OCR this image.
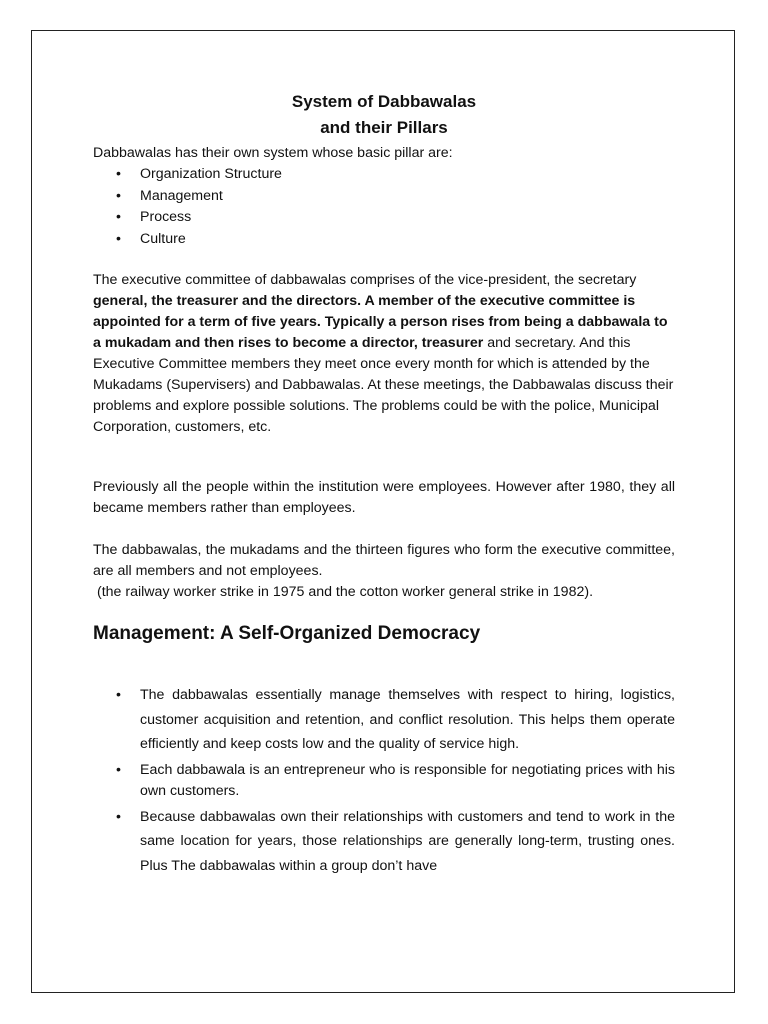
System of Dabbawalas
and their Pillars

Dabbawalas has their own system whose basic pillar are:

• Organization Structure
• Management
• Process
• Culture

The executive committee of dabbawalas comprises of the vice-president, the secretary general, the treasurer and the directors. A member of the executive committee is appointed for a term of five years. Typically a person rises from being a dabbawala to a mukadam and then rises to become a director, treasurer and secretary. And this Executive Committee members they meet once every month for which is attended by the Mukadams (Supervisers) and Dabbawalas. At these meetings, the Dabbawalas discuss their problems and explore possible solutions. The problems could be with the police, Municipal Corporation, customers, etc.

Previously all the people within the institution were employees. However after 1980, they all became members rather than employees.

The dabbawalas, the mukadams and the thirteen figures who form the executive committee, are all members and not employees.

(the railway worker strike in 1975 and the cotton worker general strike in 1982).

Management: A Self-Organized Democracy
• The dabbawalas essentially manage themselves with respect to hiring, logistics, customer acquisition and retention, and conflict resolution. This helps them operate efficiently and keep costs low and the quality of service high.
• Each dabbawala is an entrepreneur who is responsible for negotiating prices with his own customers.
• Because dabbawalas own their relationships with customers and tend to work in the same location for years, those relationships are generally long-term, trusting ones. Plus The dabbawalas within a group don’t have
